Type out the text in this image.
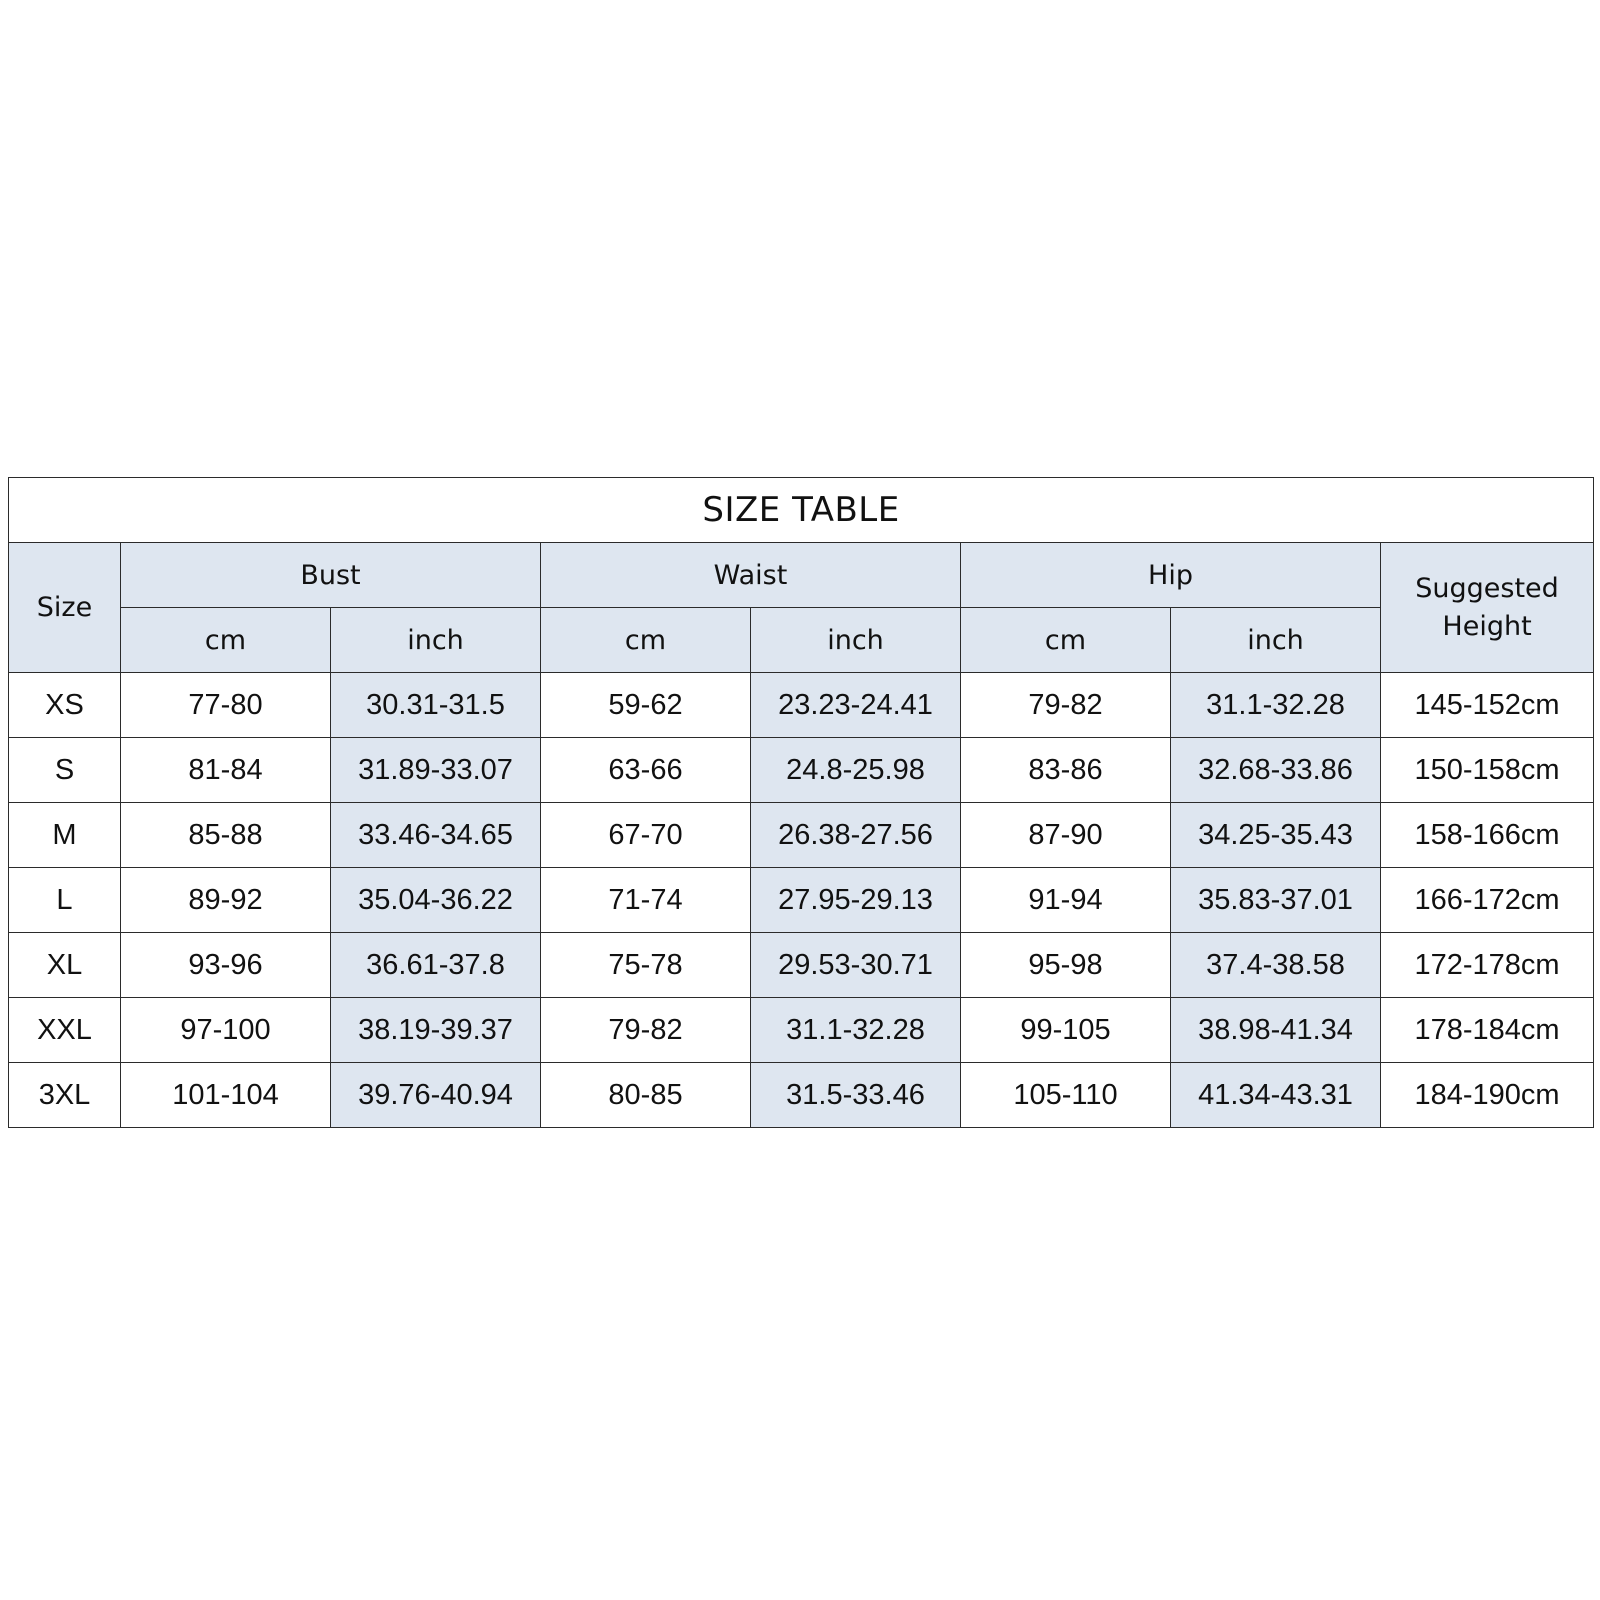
SIZE TABLE							
Size	Bust		Waist		Hip		Suggested
Height
	cm	inch	cm	inch	cm	inch	
XS	77-80	30.31-31.5	59-62	23.23-24.41	79-82	31.1-32.28	145-152cm
S	81-84	31.89-33.07	63-66	24.8-25.98	83-86	32.68-33.86	150-158cm
M	85-88	33.46-34.65	67-70	26.38-27.56	87-90	34.25-35.43	158-166cm
L	89-92	35.04-36.22	71-74	27.95-29.13	91-94	35.83-37.01	166-172cm
XL	93-96	36.61-37.8	75-78	29.53-30.71	95-98	37.4-38.58	172-178cm
XXL	97-100	38.19-39.37	79-82	31.1-32.28	99-105	38.98-41.34	178-184cm
3XL	101-104	39.76-40.94	80-85	31.5-33.46	105-110	41.34-43.31	184-190cm
